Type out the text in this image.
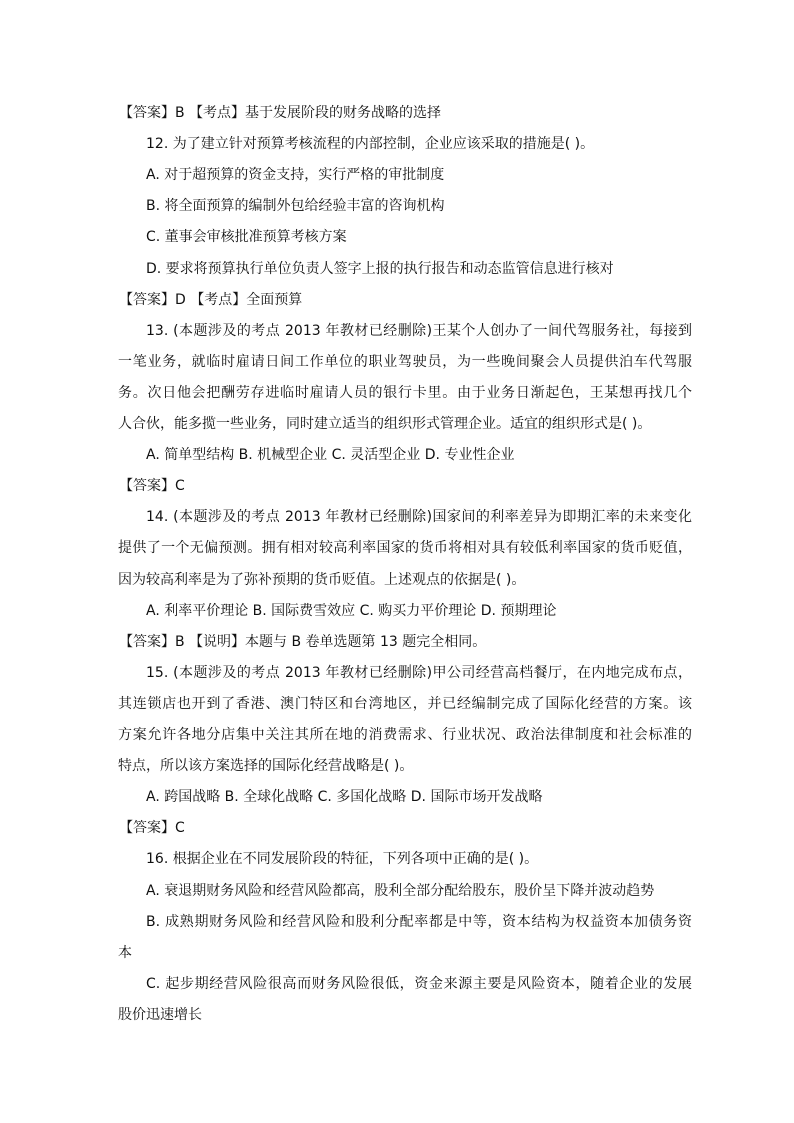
【答案】B 【考点】基于发展阶段的财务战略的选择
12. 为了建立针对预算考核流程的内部控制，企业应该采取的措施是( )。
A. 对于超预算的资金支持，实行严格的审批制度
B. 将全面预算的编制外包给经验丰富的咨询机构
C. 董事会审核批准预算考核方案
D. 要求将预算执行单位负责人签字上报的执行报告和动态监管信息进行核对
【答案】D 【考点】全面预算
13. (本题涉及的考点 2013 年教材已经删除)王某个人创办了一间代驾服务社，每接到
一笔业务，就临时雇请日间工作单位的职业驾驶员，为一些晚间聚会人员提供泊车代驾服
务。次日他会把酬劳存进临时雇请人员的银行卡里。由于业务日渐起色，王某想再找几个
人合伙，能多揽一些业务，同时建立适当的组织形式管理企业。适宜的组织形式是( )。
A. 简单型结构 B. 机械型企业 C. 灵活型企业 D. 专业性企业
【答案】C
14. (本题涉及的考点 2013 年教材已经删除)国家间的利率差异为即期汇率的未来变化
提供了一个无偏预测。拥有相对较高利率国家的货币将相对具有较低利率国家的货币贬值，
因为较高利率是为了弥补预期的货币贬值。上述观点的依据是( )。
A. 利率平价理论 B. 国际费雪效应 C. 购买力平价理论 D. 预期理论
【答案】B 【说明】本题与 B 卷单选题第 13 题完全相同。
15. (本题涉及的考点 2013 年教材已经删除)甲公司经营高档餐厅，在内地完成布点，
其连锁店也开到了香港、澳门特区和台湾地区，并已经编制完成了国际化经营的方案。该
方案允许各地分店集中关注其所在地的消费需求、行业状况、政治法律制度和社会标准的
特点，所以该方案选择的国际化经营战略是( )。
A. 跨国战略 B. 全球化战略 C. 多国化战略 D. 国际市场开发战略
【答案】C
16. 根据企业在不同发展阶段的特征，下列各项中正确的是( )。
A. 衰退期财务风险和经营风险都高，股利全部分配给股东，股价呈下降并波动趋势
B. 成熟期财务风险和经营风险和股利分配率都是中等，资本结构为权益资本加债务资
本
C. 起步期经营风险很高而财务风险很低，资金来源主要是风险资本，随着企业的发展
股价迅速增长
